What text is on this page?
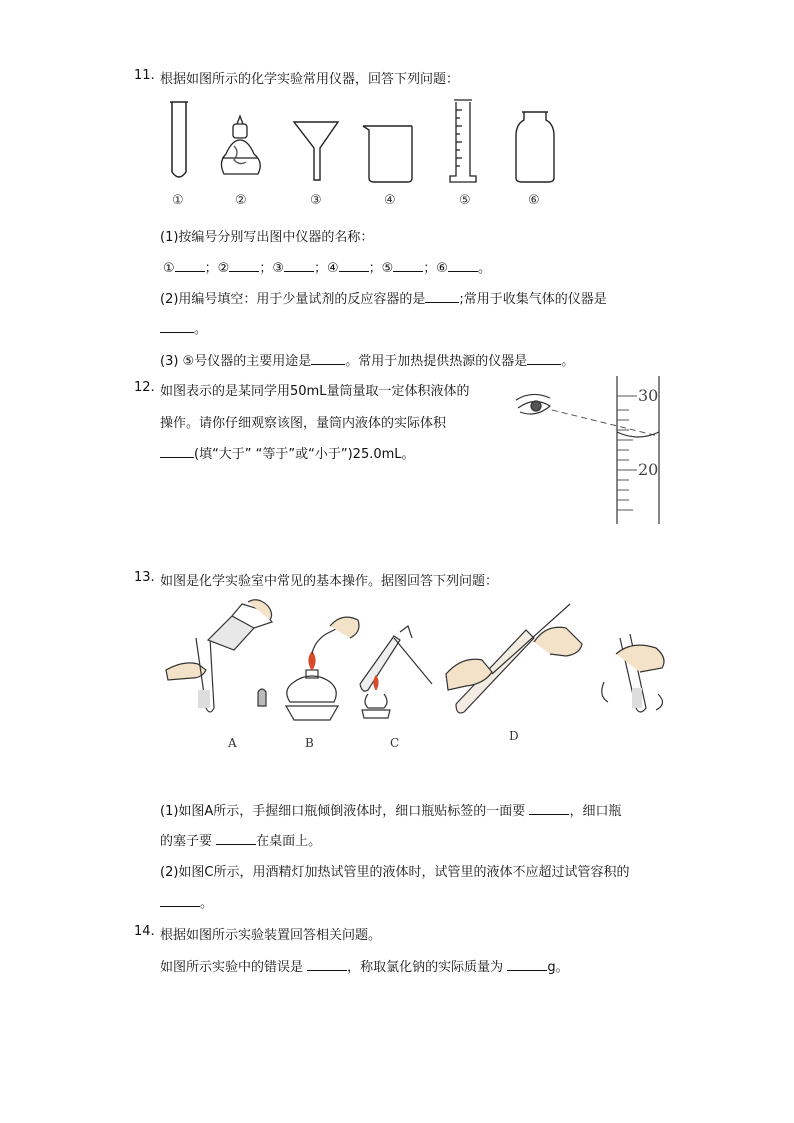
11. 根据如图所示的化学实验常用仪器，回答下列问题：
①	②	③	④	⑤	⑥
(1)按编号分别写出图中仪器的名称：
① ；② ；③ ；④ ；⑤ ；⑥ 。
(2)用编号填空：用于少量试剂的反应容器的是	;常用于收集气体的仪器是
。
(3) ⑤号仪器的主要用途是	。常用于加热提供热源的仪器是	。
12. 如图表示的是某同学用50mL量筒量取一定体积液体的
操作。请你仔细观察该图，量筒内液体的实际体积
(填“大于” “等于”或“小于”)25.0mL。
30
20
13. 如图是化学实验室中常见的基本操作。据图回答下列问题：
A	B	C	D
(1)如图A所示，手握细口瓶倾倒液体时，细口瓶贴标签的一面要	，细口瓶
的塞子要	在桌面上。
(2)如图C所示，用酒精灯加热试管里的液体时，试管里的液体不应超过试管容积的
。
14. 根据如图所示实验装置回答相关问题。
如图所示实验中的错误是	，称取氯化钠的实际质量为	g。
